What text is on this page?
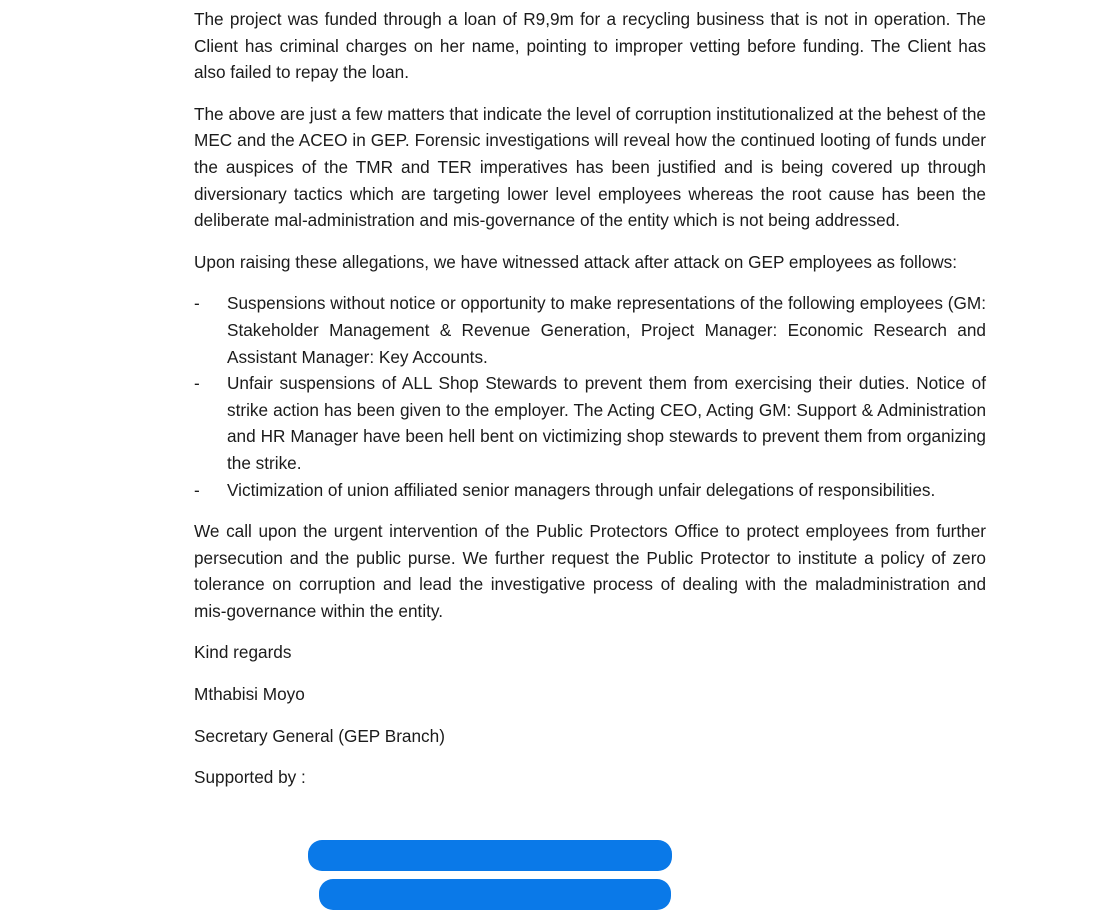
The project was funded through a loan of R9,9m for a recycling business that is not in operation. The Client has criminal charges on her name, pointing to improper vetting before funding. The Client has also failed to repay the loan.

The above are just a few matters that indicate the level of corruption institutionalized at the behest of the MEC and the ACEO in GEP. Forensic investigations will reveal how the continued looting of funds under the auspices of the TMR and TER imperatives has been justified and is being covered up through diversionary tactics which are targeting lower level employees whereas the root cause has been the deliberate mal-administration and mis-governance of the entity which is not being addressed.

Upon raising these allegations, we have witnessed attack after attack on GEP employees as follows:

- Suspensions without notice or opportunity to make representations of the following employees (GM: Stakeholder Management & Revenue Generation, Project Manager: Economic Research and Assistant Manager: Key Accounts.
- Unfair suspensions of ALL Shop Stewards to prevent them from exercising their duties. Notice of strike action has been given to the employer. The Acting CEO, Acting GM: Support & Administration and HR Manager have been hell bent on victimizing shop stewards to prevent them from organizing the strike.
- Victimization of union affiliated senior managers through unfair delegations of responsibilities.

We call upon the urgent intervention of the Public Protectors Office to protect employees from further persecution and the public purse. We further request the Public Protector to institute a policy of zero tolerance on corruption and lead the investigative process of dealing with the maladministration and mis-governance within the entity.

Kind regards

Mthabisi Moyo

Secretary General (GEP Branch)

Supported by :
